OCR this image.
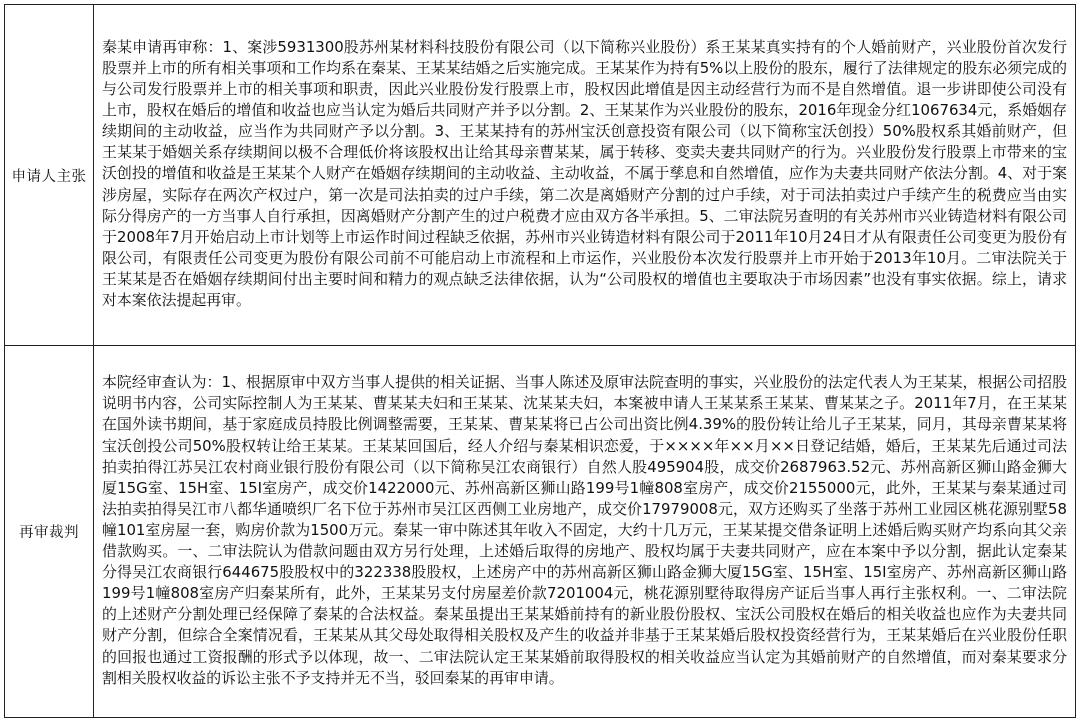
申请人主张	秦某申请再审称：1、案涉5931300股苏州某材料科技股份有限公司（以下简称兴业股份）系王某某真实持有的个人婚前财产，兴业股份首次发行股票并上市的所有相关事项和工作均系在秦某、王某某结婚之后实施完成。王某某作为持有5%以上股份的股东，履行了法律规定的股东必须完成的与公司发行股票并上市的相关事项和职责，因此兴业股份发行股票上市，股权因此增值是因主动经营行为而不是自然增值。退一步讲即使公司没有上市，股权在婚后的增值和收益也应当认定为婚后共同财产并予以分割。2、王某某作为兴业股份的股东，2016年现金分红1067634元，系婚姻存续期间的主动收益，应当作为共同财产予以分割。3、王某某持有的苏州宝沃创意投资有限公司（以下简称宝沃创投）50%股权系其婚前财产，但王某某于婚姻关系存续期间以极不合理低价将该股权出让给其母亲曹某某，属于转移、变卖夫妻共同财产的行为。兴业股份发行股票上市带来的宝沃创投的增值和收益是王某某个人财产在婚姻存续期间的主动收益、主动收益，不属于孳息和自然增值，应作为夫妻共同财产依法分割。4、对于案涉房屋，实际存在两次产权过户，第一次是司法拍卖的过户手续，第二次是离婚财产分割的过户手续，对于司法拍卖过户手续产生的税费应当由实际分得房产的一方当事人自行承担，因离婚财产分割产生的过户税费才应由双方各半承担。5、二审法院另查明的有关苏州市兴业铸造材料有限公司于2008年7月开始启动上市计划等上市运作时间过程缺乏依据，苏州市兴业铸造材料有限公司于2011年10月24日才从有限责任公司变更为股份有限公司，有限责任公司变更为股份有限公司前不可能启动上市流程和上市运作，兴业股份本次发行股票并上市开始于2013年10月。二审法院关于王某某是否在婚姻存续期间付出主要时间和精力的观点缺乏法律依据，认为“公司股权的增值也主要取决于市场因素”也没有事实依据。综上，请求对本案依法提起再审。
再审裁判	本院经审查认为：1、根据原审中双方当事人提供的相关证据、当事人陈述及原审法院查明的事实，兴业股份的法定代表人为王某某，根据公司招股说明书内容，公司实际控制人为王某某、曹某某夫妇和王某某、沈某某夫妇，本案被申请人王某某系王某某、曹某某之子。2011年7月，在王某某在国外读书期间，基于家庭成员持股比例调整需要，王某某、曹某某将已占公司出资比例4.39%的股份转让给儿子王某某，同月，其母亲曹某某将宝沃创投公司50%股权转让给王某某。王某某回国后，经人介绍与秦某相识恋爱，于××××年××月××日登记结婚，婚后，王某某先后通过司法拍卖拍得江苏吴江农村商业银行股份有限公司（以下简称吴江农商银行）自然人股495904股，成交价2687963.52元、苏州高新区狮山路金狮大厦15G室、15H室、15I室房产，成交价1422000元、苏州高新区狮山路199号1幢808室房产，成交价2155000元，此外，王某某与秦某通过司法拍卖拍得吴江市八都华通喷织厂名下位于苏州市吴江区西侧工业房地产，成交价17979008元，双方还购买了坐落于苏州工业园区桃花源别墅58幢101室房屋一套，购房价款为1500万元。秦某一审中陈述其年收入不固定，大约十几万元，王某某提交借条证明上述婚后购买财产均系向其父亲借款购买。一、二审法院认为借款问题由双方另行处理，上述婚后取得的房地产、股权均属于夫妻共同财产，应在本案中予以分割，据此认定秦某分得吴江农商银行644675股股权中的322338股股权，上述房产中的苏州高新区狮山路金狮大厦15G室、15H室、15I室房产、苏州高新区狮山路199号1幢808室房产归秦某所有，此外，王某某另支付房屋差价款7201004元，桃花源别墅待取得房产证后当事人再行主张权利。一、二审法院的上述财产分割处理已经保障了秦某的合法权益。秦某虽提出王某某婚前持有的新业股份股权、宝沃公司股权在婚后的相关收益也应作为夫妻共同财产分割，但综合全案情况看，王某某从其父母处取得相关股权及产生的收益并非基于王某某婚后股权投资经营行为，王某某婚后在兴业股份任职的回报也通过工资报酬的形式予以体现，故一、二审法院认定王某某婚前取得股权的相关收益应当认定为其婚前财产的自然增值，而对秦某要求分割相关股权收益的诉讼主张不予支持并无不当，驳回秦某的再审申请。
